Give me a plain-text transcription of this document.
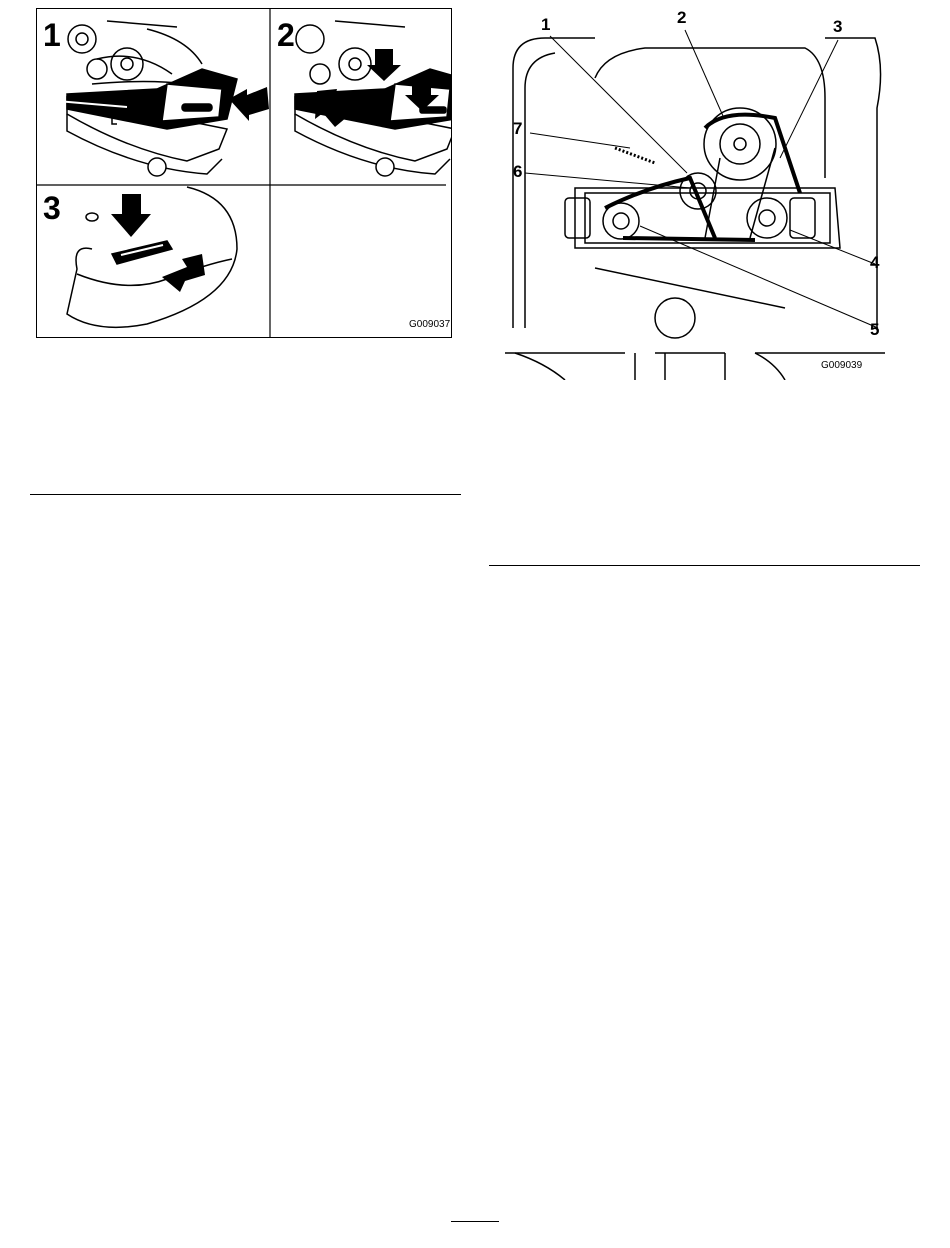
1	2
3
G009037
1	2	3
4
5
6
7
G009039
